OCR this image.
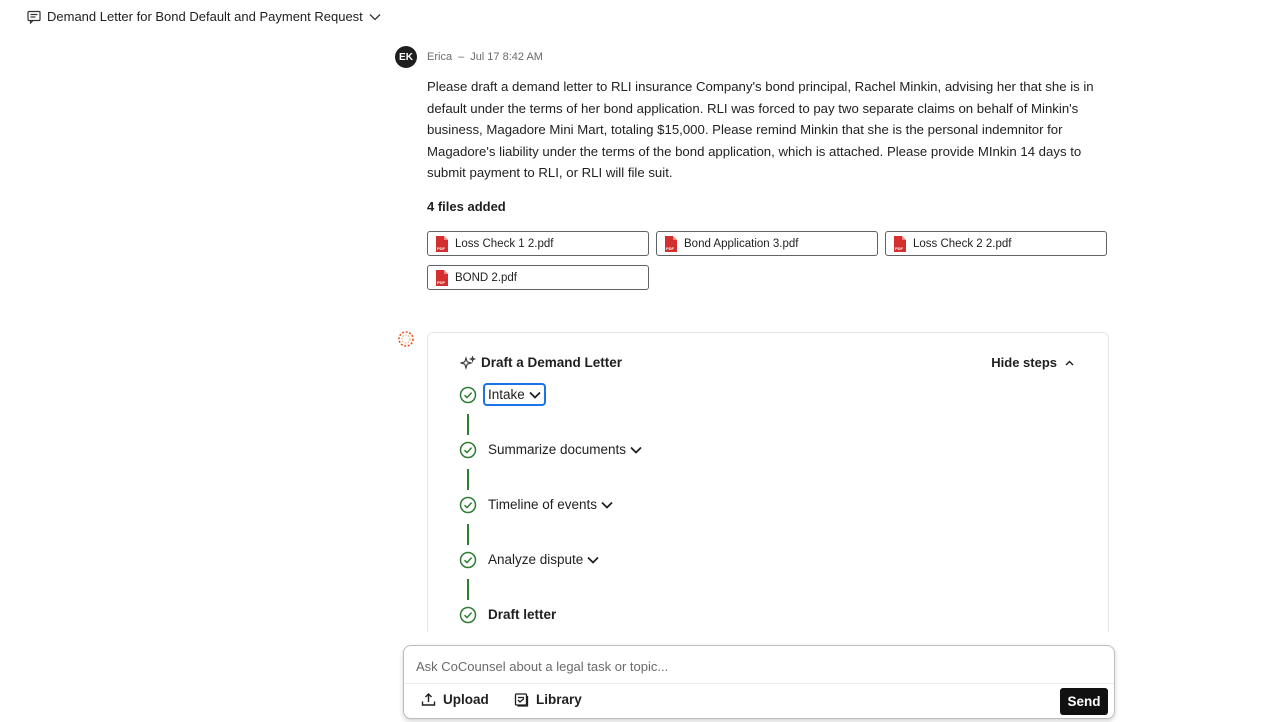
Demand Letter for Bond Default and Payment Request
EK	Erica – Jul 17 8:42 AM
Please draft a demand letter to RLI insurance Company's bond principal, Rachel Minkin, advising her that she is in default under the terms of her bond application. RLI was forced to pay two separate claims on behalf of Minkin's business, Magadore Mini Mart, totaling $15,000. Please remind Minkin that she is the personal indemnitor for Magadore's liability under the terms of the bond application, which is attached. Please provide MInkin 14 days to submit payment to RLI, or RLI will file suit.
4 files added
PDF Loss Check 1 2.pdf	PDF Bond Application 3.pdf	PDF Loss Check 2 2.pdf
PDF BOND 2.pdf
Draft a Demand Letter	Hide steps
Intake
Summarize documents
Timeline of events
Analyze dispute
Draft letter
Ask CoCounsel about a legal task or topic...
Upload	Library	Send
